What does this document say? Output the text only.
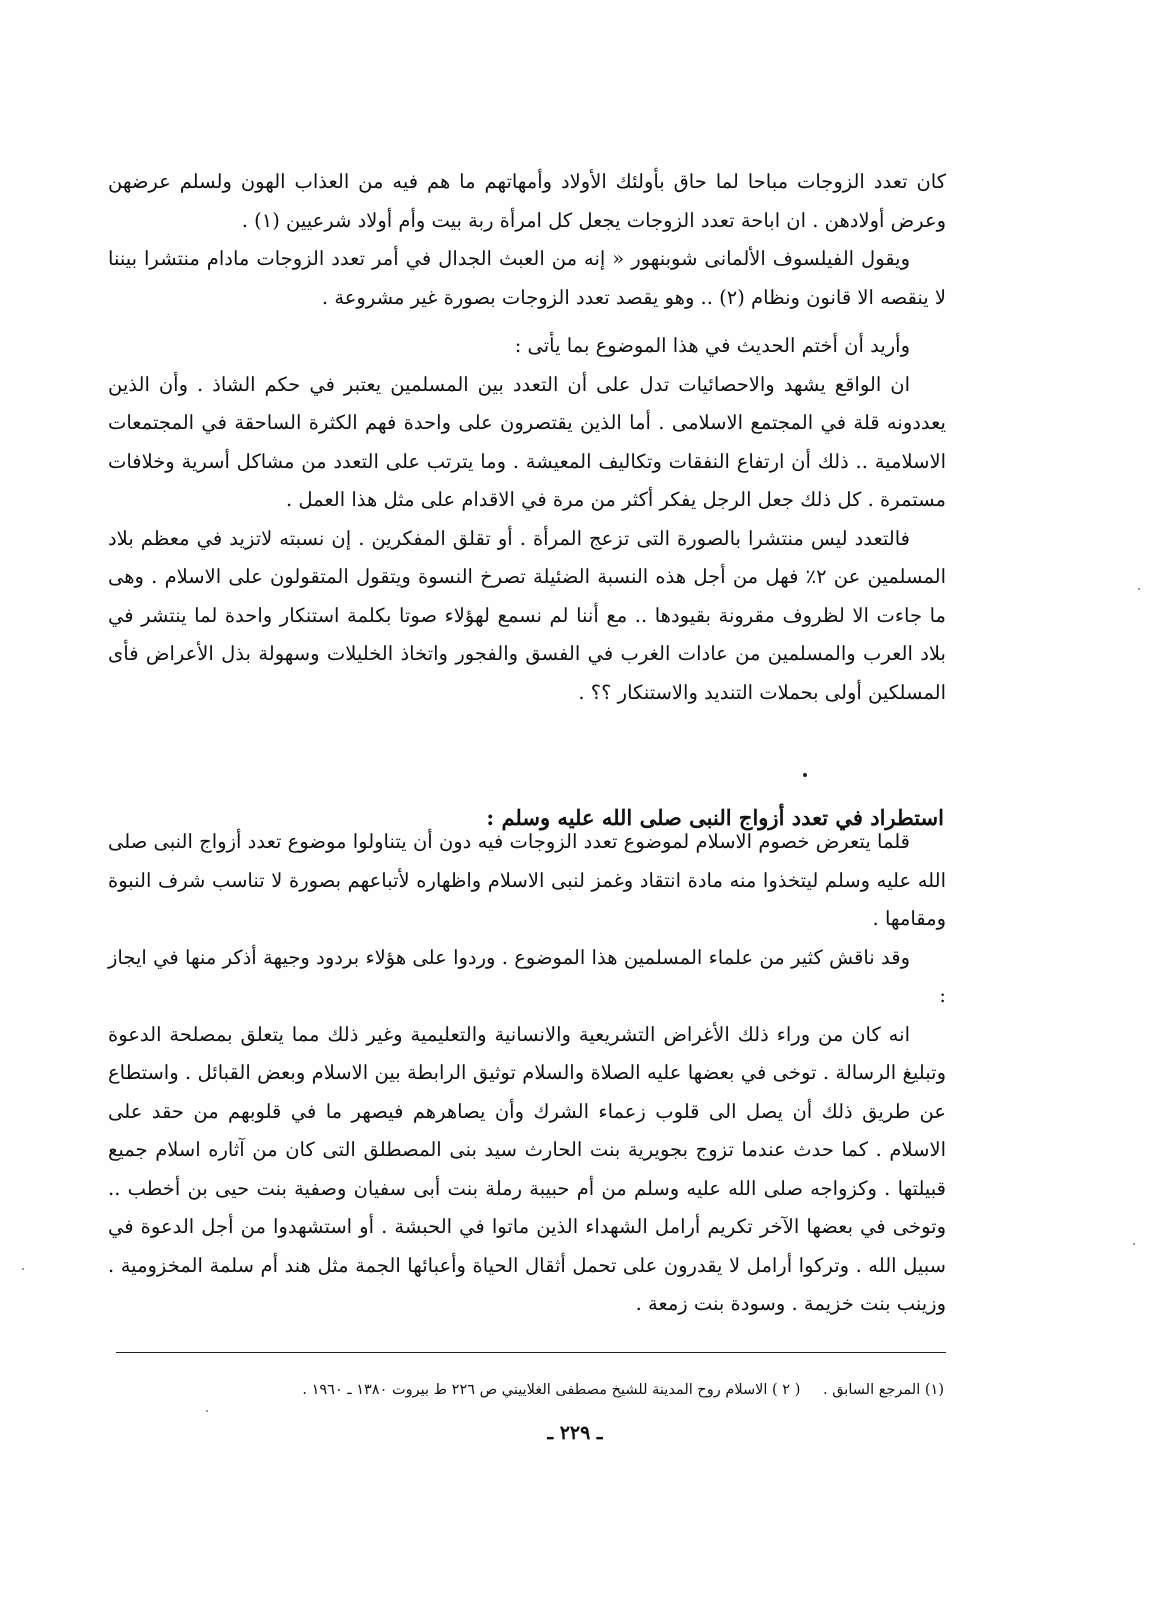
كان تعدد الزوجات مباحا لما حاق بأولئك الأولاد وأمهاتهم ما هم فيه من العذاب الهون ولسلم عرضهن وعرض أولادهن . ان اباحة تعدد الزوجات يجعل كل امرأة ربة بيت وأم أولاد شرعيين (١) .

ويقول الفيلسوف الألمانى شوبنهور « إنه من العبث الجدال في أمر تعدد الزوجات مادام منتشرا بيننا لا ينقصه الا قانون ونظام (٢) .. وهو يقصد تعدد الزوجات بصورة غير مشروعة .

وأريد أن أختم الحديث في هذا الموضوع بما يأتى :

ان الواقع يشهد والاحصائيات تدل على أن التعدد بين المسلمين يعتبر في حكم الشاذ . وأن الذين يعددونه قلة في المجتمع الاسلامى . أما الذين يقتصرون على واحدة فهم الكثرة الساحقة في المجتمعات الاسلامية .. ذلك أن ارتفاع النفقات وتكاليف المعيشة . وما يترتب على التعدد من مشاكل أسرية وخلافات مستمرة . كل ذلك جعل الرجل يفكر أكثر من مرة في الاقدام على مثل هذا العمل .

فالتعدد ليس منتشرا بالصورة التى تزعج المرأة . أو تقلق المفكرين . إن نسبته لاتزيد في معظم بلاد المسلمين عن ٢٪ فهل من أجل هذه النسبة الضئيلة تصرخ النسوة ويتقول المتقولون على الاسلام . وهى ما جاءت الا لظروف مقرونة بقيودها .. مع أننا لم نسمع لهؤلاء صوتا بكلمة استنكار واحدة لما ينتشر في بلاد العرب والمسلمين من عادات الغرب في الفسق والفجور واتخاذ الخليلات وسهولة بذل الأعراض فأى المسلكين أولى بحملات التنديد والاستنكار ؟؟ .

استطراد في تعدد أزواج النبى صلى الله عليه وسلم :

قلما يتعرض خصوم الاسلام لموضوع تعدد الزوجات فيه دون أن يتناولوا موضوع تعدد أزواج النبى صلى الله عليه وسلم ليتخذوا منه مادة انتقاد وغمز لنبى الاسلام واظهاره لأتباعهم بصورة لا تناسب شرف النبوة ومقامها .

وقد ناقش كثير من علماء المسلمين هذا الموضوع . وردوا على هؤلاء بردود وجيهة أذكر منها في ايجاز :

انه كان من وراء ذلك الأغراض التشريعية والانسانية والتعليمية وغير ذلك مما يتعلق بمصلحة الدعوة وتبليغ الرسالة . توخى في بعضها عليه الصلاة والسلام توثيق الرابطة بين الاسلام وبعض القبائل . واستطاع عن طريق ذلك أن يصل الى قلوب زعماء الشرك وأن يصاهرهم فيصهر ما في قلوبهم من حقد على الاسلام . كما حدث عندما تزوج بجويرية بنت الحارث سيد بنى المصطلق التى كان من آثاره اسلام جميع قبيلتها . وكزواجه صلى الله عليه وسلم من أم حبيبة رملة بنت أبى سفيان وصفية بنت حيى بن أخطب .. وتوخى في بعضها الآخر تكريم أرامل الشهداء الذين ماتوا في الحبشة . أو استشهدوا من أجل الدعوة في سبيل الله . وتركوا أرامل لا يقدرون على تحمل أثقال الحياة وأعبائها الجمة مثل هند أم سلمة المخزومية . وزينب بنت خزيمة . وسودة بنت زمعة .

(١) المرجع السابق . ( ٢ ) الاسلام روح المدينة للشيخ مصطفى الغلاييني ص ٢٢٦ ط بيروت ١٣٨٠ ـ ١٩٦٠ .
ـ ٢٢٩ ـ
